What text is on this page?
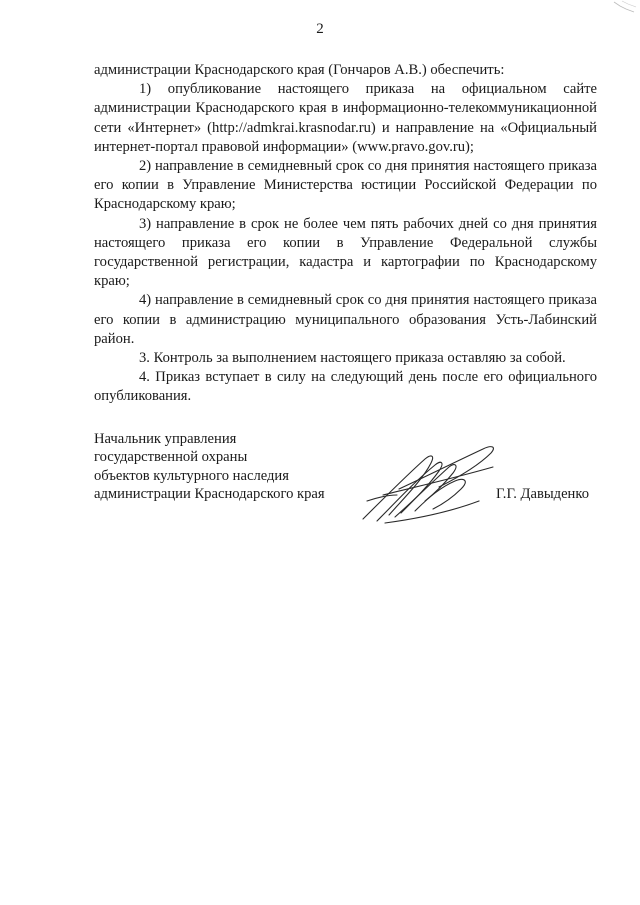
2

администрации Краснодарского края (Гончаров А.В.) обеспечить:

1) опубликование настоящего приказа на официальном сайте администрации Краснодарского края в информационно-телекоммуникационной сети «Интернет» (http://admkrai.krasnodar.ru) и направление на «Официальный интернет-портал правовой информации» (www.pravo.gov.ru);

2) направление в семидневный срок со дня принятия настоящего приказа его копии в Управление Министерства юстиции Российской Федерации по Краснодарскому краю;

3) направление в срок не более чем пять рабочих дней со дня принятия настоящего приказа его копии в Управление Федеральной службы государственной регистрации, кадастра и картографии по Краснодарскому краю;

4) направление в семидневный срок со дня принятия настоящего приказа его копии в администрацию муниципального образования Усть-Лабинский район.

3. Контроль за выполнением настоящего приказа оставляю за собой.

4. Приказ вступает в силу на следующий день после его официального опубликования.

Начальник управления
государственной охраны
объектов культурного наследия
администрации Краснодарского края	Г.Г. Давыденко
